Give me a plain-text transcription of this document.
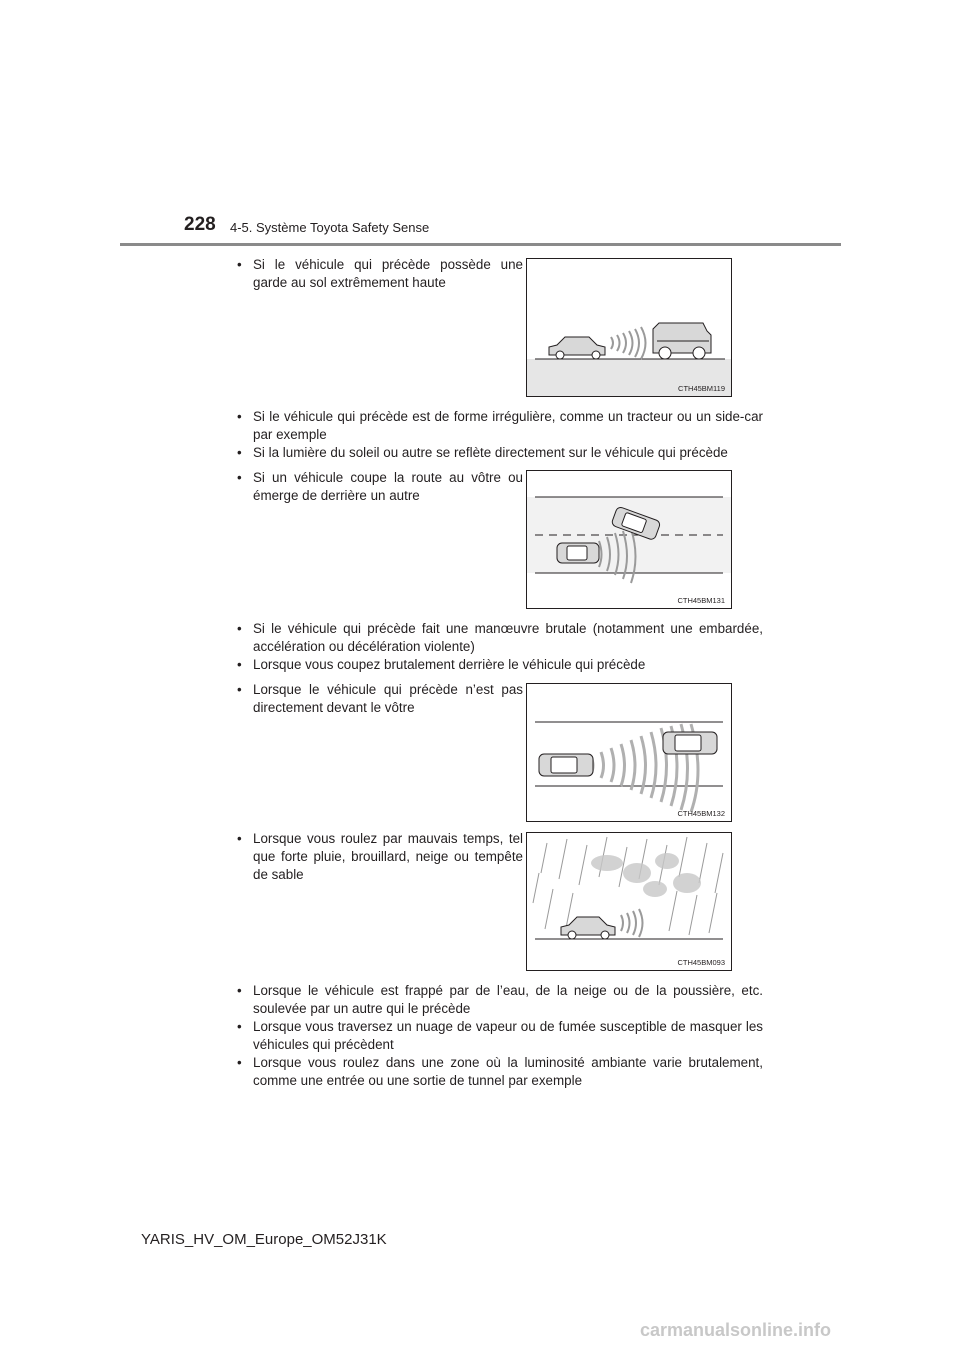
228 4-5. Système Toyota Safety Sense
• Si le véhicule qui précède possède une garde au sol extrêmement haute
CTH45BM119
• Si le véhicule qui précède est de forme irrégulière, comme un tracteur ou un side-car par exemple
• Si la lumière du soleil ou autre se reflète directement sur le véhicule qui précède
• Si un véhicule coupe la route au vôtre ou émerge de derrière un autre
CTH45BM131
• Si le véhicule qui précède fait une manœuvre brutale (notamment une embardée, accélération ou décélération violente)
• Lorsque vous coupez brutalement derrière le véhicule qui précède
• Lorsque le véhicule qui précède n’est pas directement devant le vôtre
CTH45BM132
• Lorsque vous roulez par mauvais temps, tel que forte pluie, brouillard, neige ou tempête de sable
CTH45BM093
• Lorsque le véhicule est frappé par de l’eau, de la neige ou de la poussière, etc. soulevée par un autre qui le précède
• Lorsque vous traversez un nuage de vapeur ou de fumée susceptible de masquer les véhicules qui précèdent
• Lorsque vous roulez dans une zone où la luminosité ambiante varie brutalement, comme une entrée ou une sortie de tunnel par exemple
YARIS_HV_OM_Europe_OM52J31K
carmanualsonline.info
